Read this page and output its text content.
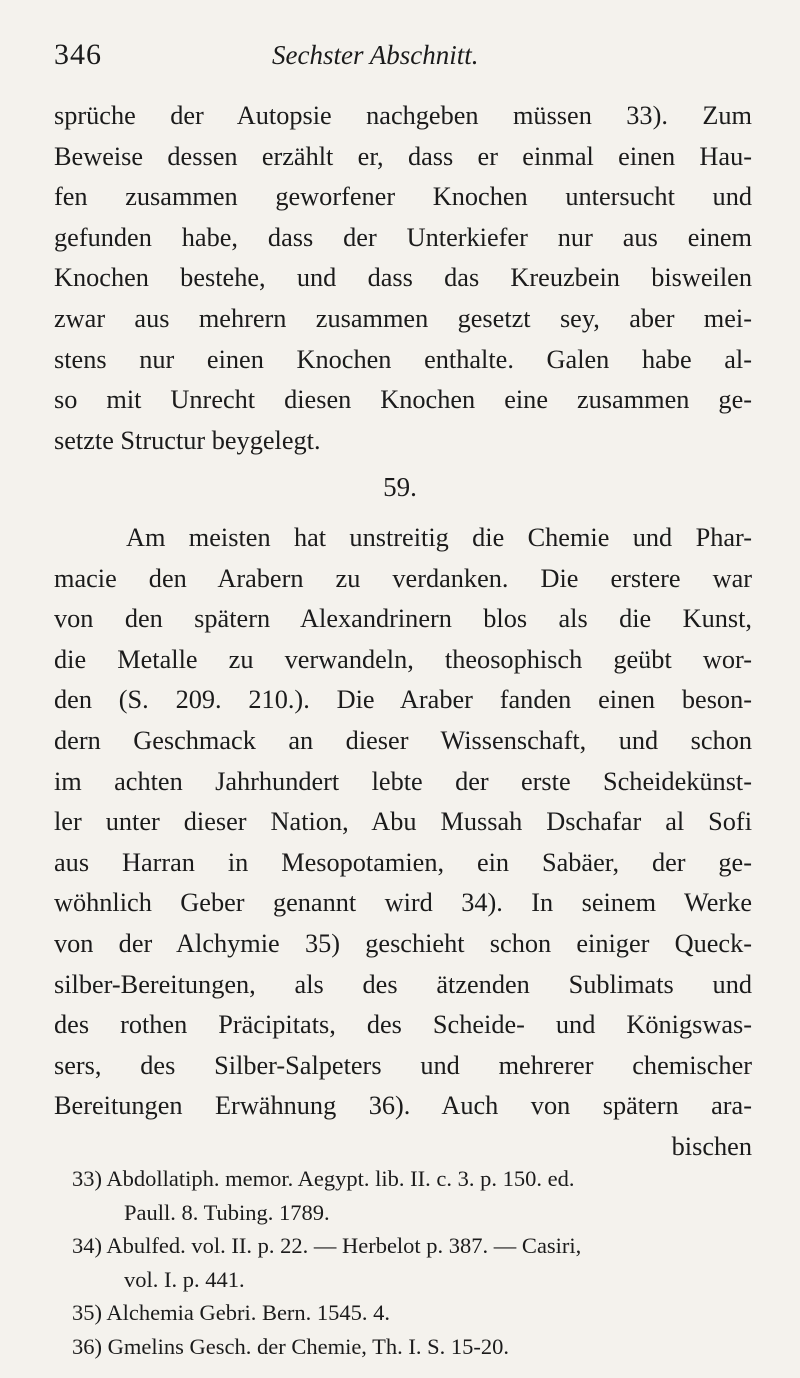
346	Sechster Abschnitt.
sprüche der Autopsie nachgeben müssen 33). Zum
Beweise dessen erzählt er, dass er einmal einen Hau-
fen zusammen geworfener Knochen untersucht und
gefunden habe, dass der Unterkiefer nur aus einem
Knochen bestehe, und dass das Kreuzbein bisweilen
zwar aus mehrern zusammen gesetzt sey, aber mei-
stens nur einen Knochen enthalte. Galen habe al-
so mit Unrecht diesen Knochen eine zusammen ge-
setzte Structur beygelegt.
59.
Am meisten hat unstreitig die Chemie und Phar-
macie den Arabern zu verdanken. Die erstere war
von den spätern Alexandrinern blos als die Kunst,
die Metalle zu verwandeln, theosophisch geübt wor-
den (S. 209. 210.). Die Araber fanden einen beson-
dern Geschmack an dieser Wissenschaft, und schon
im achten Jahrhundert lebte der erste Scheidekünst-
ler unter dieser Nation, Abu Mussah Dschafar al Sofi
aus Harran in Mesopotamien, ein Sabäer, der ge-
wöhnlich Geber genannt wird 34). In seinem Werke
von der Alchymie 35) geschieht schon einiger Queck-
silber-Bereitungen, als des ätzenden Sublimats und
des rothen Präcipitats, des Scheide- und Königswas-
sers, des Silber-Salpeters und mehrerer chemischer
Bereitungen Erwähnung 36). Auch von spätern ara-
bischen
33) Abdollatiph. memor. Aegypt. lib. II. c. 3. p. 150. ed.
Paull. 8. Tubing. 1789.
34) Abulfed. vol. II. p. 22. — Herbelot p. 387. — Casiri,
vol. I. p. 441.
35) Alchemia Gebri. Bern. 1545. 4.
36) Gmelins Gesch. der Chemie, Th. I. S. 15-20.
